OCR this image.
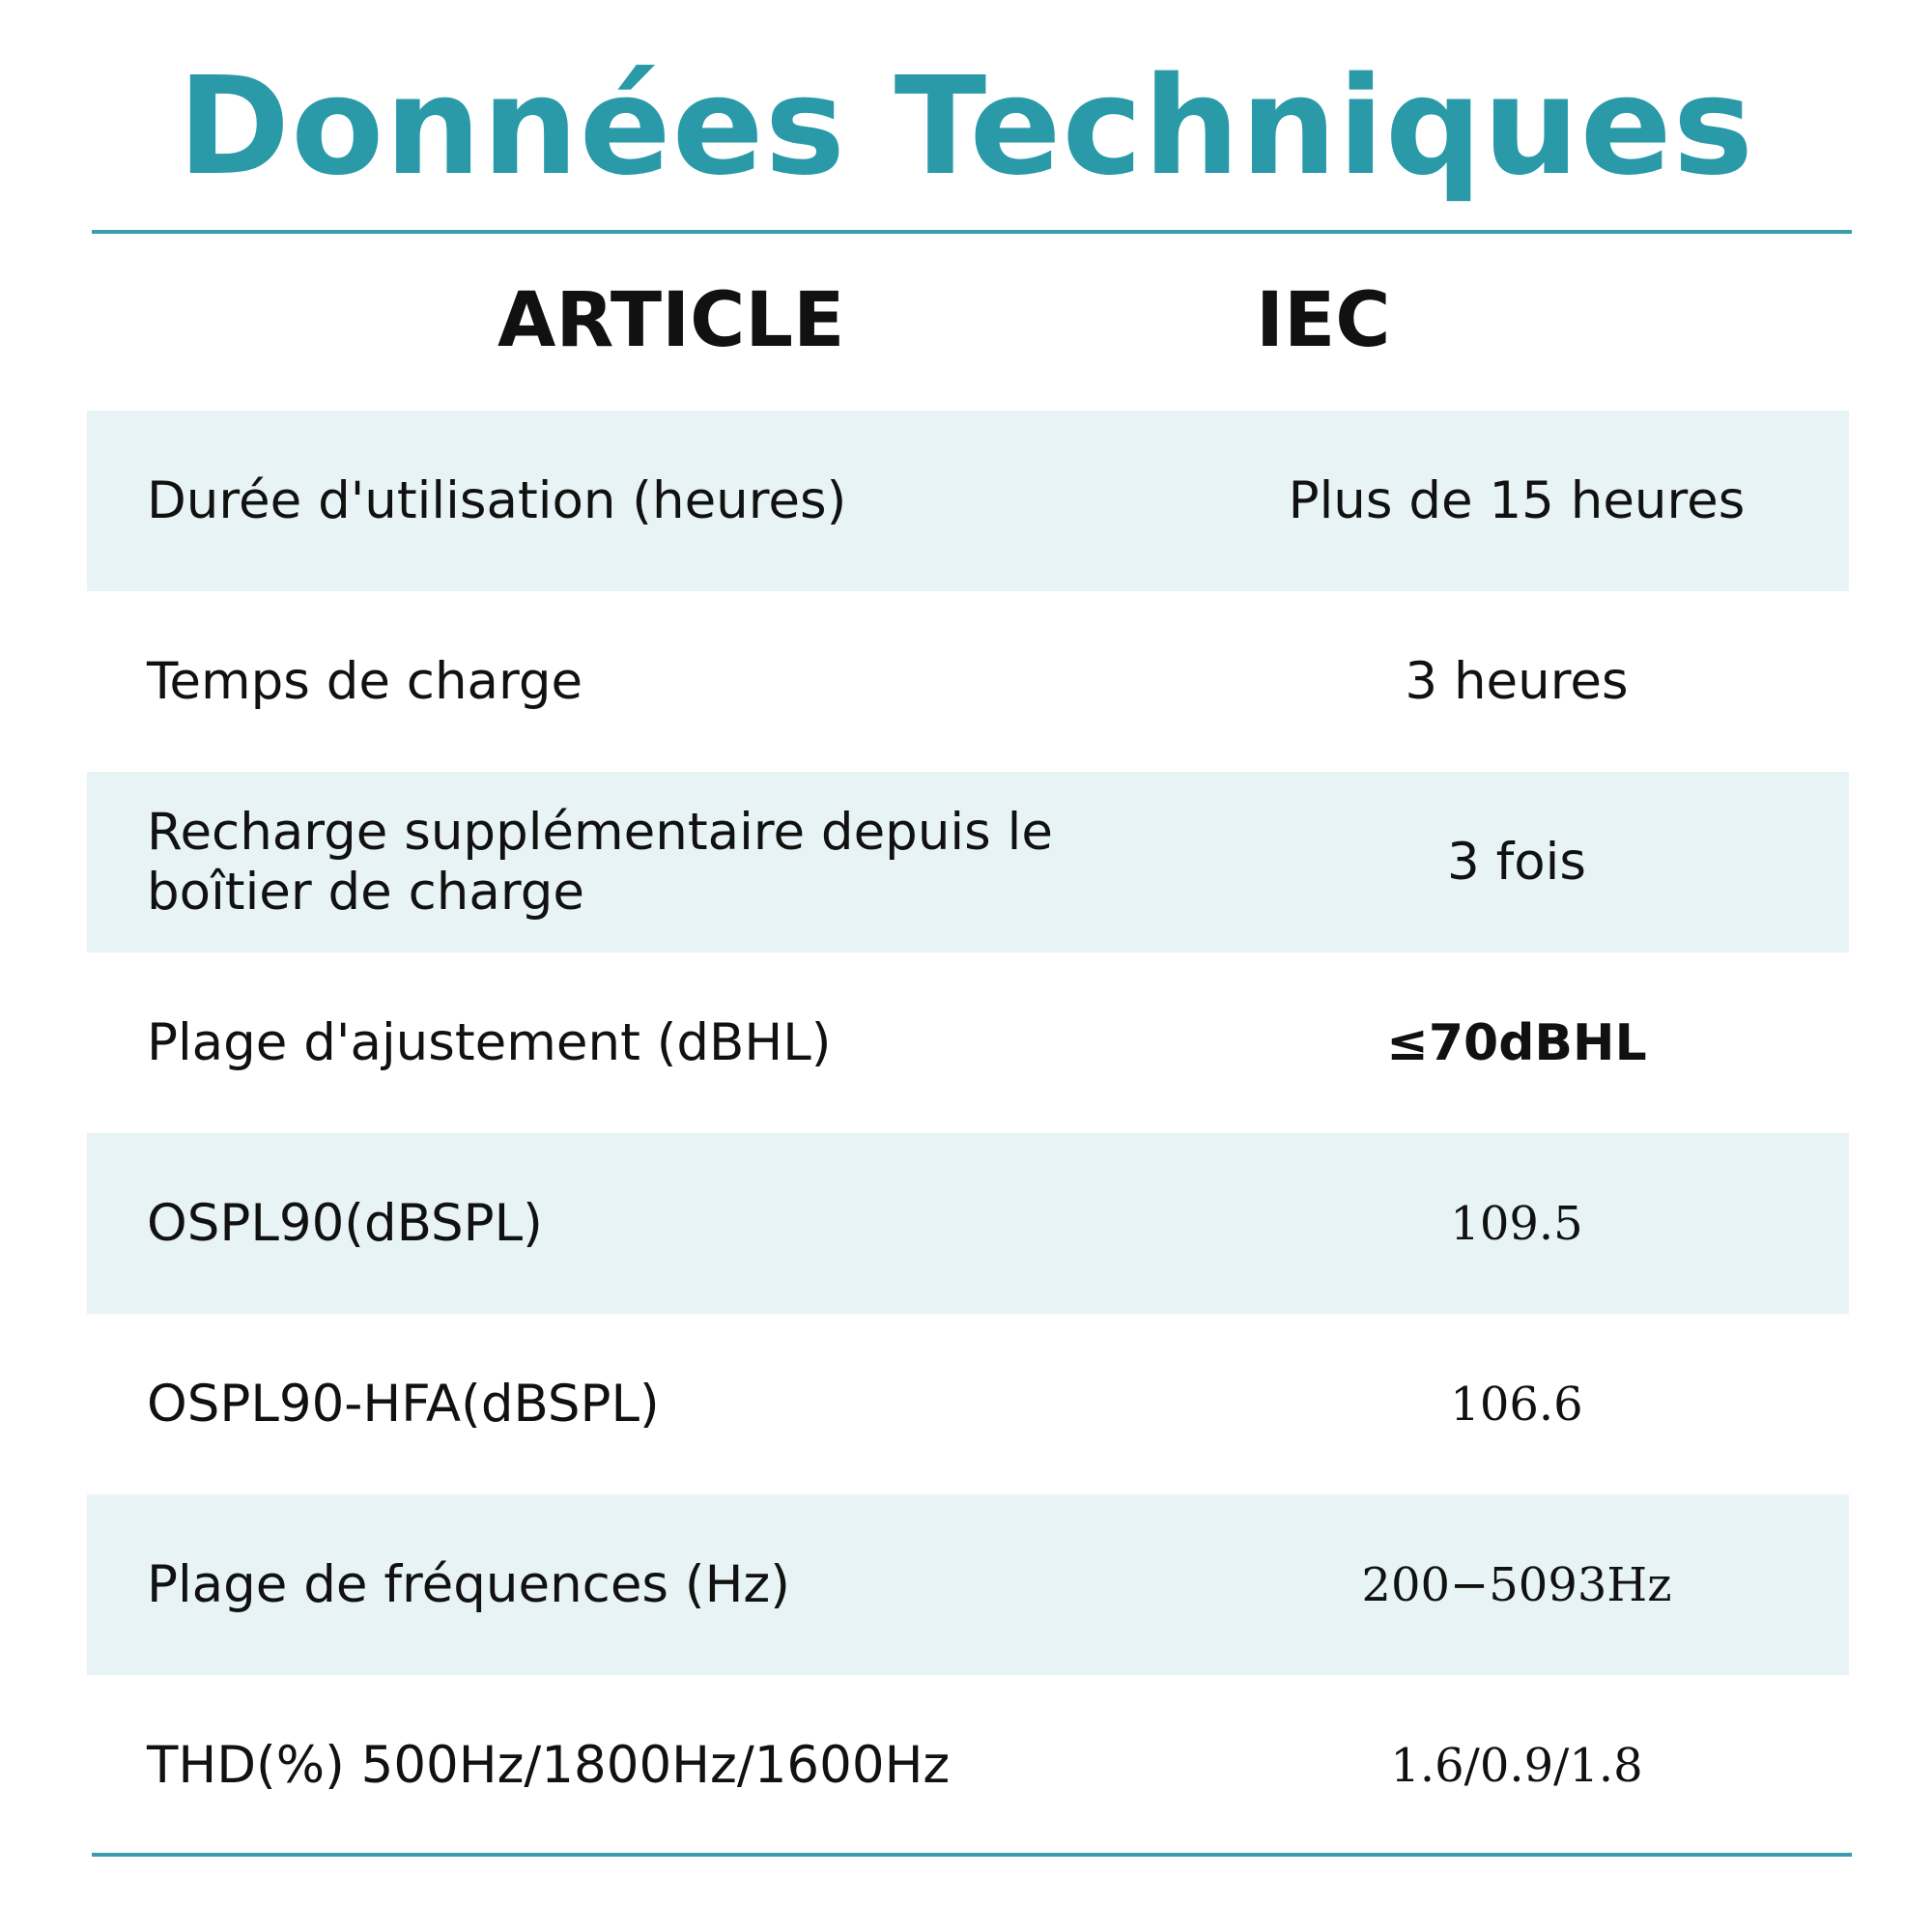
Données Techniques
ARTICLE	IEC
Durée d'utilisation (heures)	Plus de 15 heures
Temps de charge	3 heures
Recharge supplémentaire depuis le boîtier de charge	3 fois
Plage d'ajustement (dBHL)	≤70dBHL
OSPL90(dBSPL)	109.5
OSPL90-HFA(dBSPL)	106.6
Plage de fréquences (Hz)	200−5093Hz
THD(%) 500Hz/1800Hz/1600Hz	1.6/0.9/1.8
